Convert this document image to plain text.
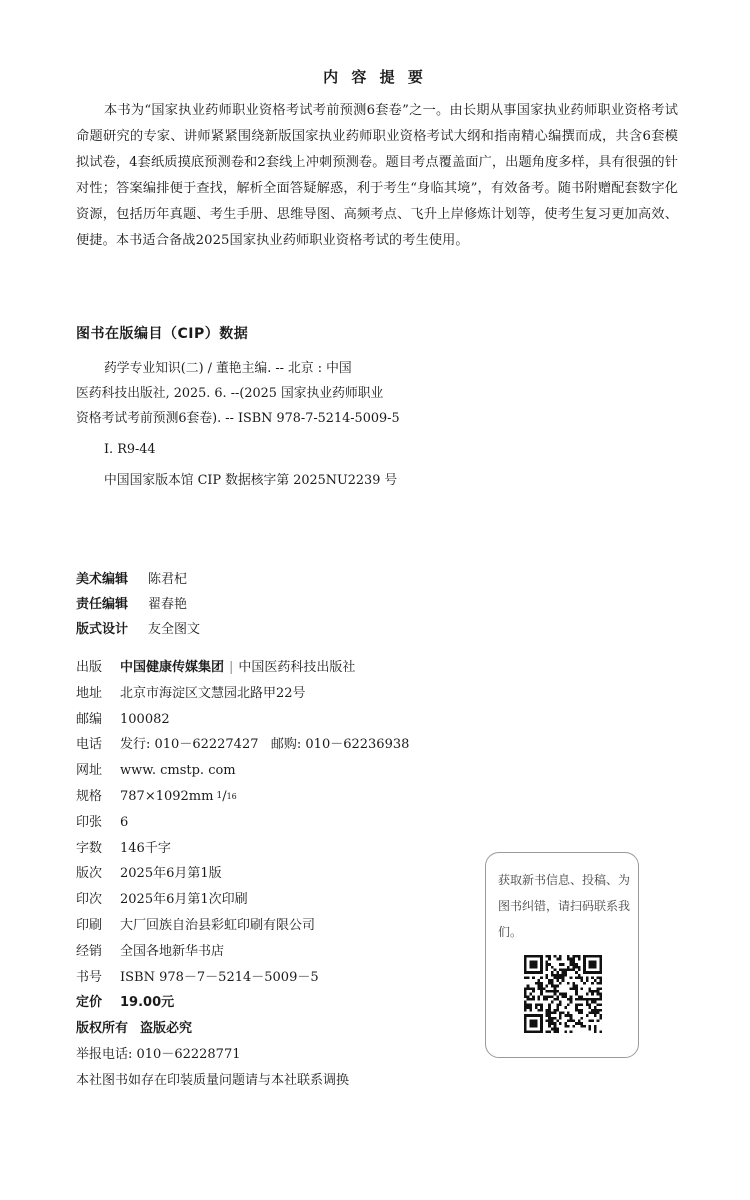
内 容 提 要
本书为“国家执业药师职业资格考试考前预测6套卷”之一。由长期从事国家执业药师职业资格考试命题研究的专家、讲师紧紧围绕新版国家执业药师职业资格考试大纲和指南精心编撰而成，共含6套模拟试卷，4套纸质摸底预测卷和2套线上冲刺预测卷。题目考点覆盖面广，出题角度多样，具有很强的针对性；答案编排便于查找，解析全面答疑解惑，利于考生“身临其境”，有效备考。随书附赠配套数字化资源，包括历年真题、考生手册、思维导图、高频考点、飞升上岸修炼计划等，使考生复习更加高效、便捷。本书适合备战2025国家执业药师职业资格考试的考生使用。
图书在版编目（CIP）数据
药学专业知识(二) / 董艳主编. -- 北京 : 中国
医药科技出版社, 2025. 6. --(2025 国家执业药师职业
资格考试考前预测6套卷). -- ISBN 978-7-5214-5009-5
Ⅰ. R9-44
中国国家版本馆 CIP 数据核字第 2025NU2239 号
美术编辑	陈君杞
责任编辑	翟春艳
版式设计	友全图文
出版	中国健康传媒集团 | 中国医药科技出版社
地址	北京市海淀区文慧园北路甲22号
邮编	100082
电话	发行: 010－62227427   邮购: 010－62236938
网址	www. cmstp. com
规格	787×1092mm 1 / 16
印张	6
字数	146千字
版次	2025年6月第1版
印次	2025年6月第1次印刷
印刷	大厂回族自治县彩虹印刷有限公司
经销	全国各地新华书店
书号	ISBN 978－7－5214－5009－5
定价	19.00元
版权所有 盗版必究
举报电话: 010－62228771
本社图书如存在印装质量问题请与本社联系调换
获取新书信息、投稿、为图书纠错，请扫码联系我们。
